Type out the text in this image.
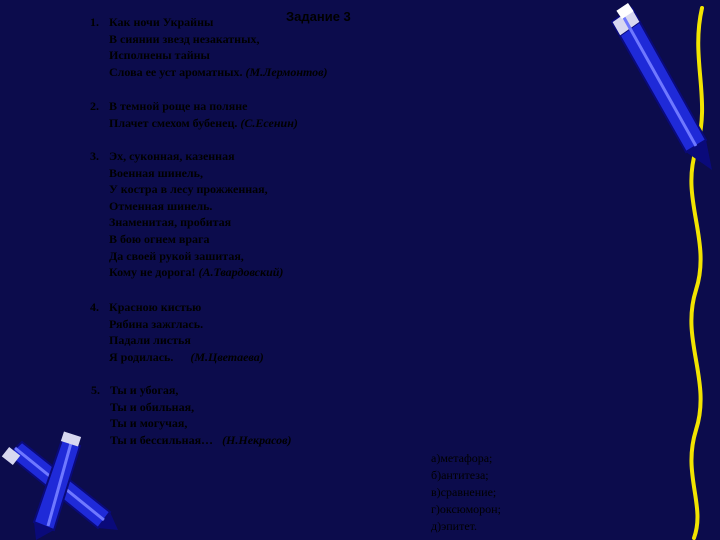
Задание 3
1. Как ночи Украйны
В сиянии звезд незакатных,
Исполнены тайны
Слова ее уст ароматных. (М.Лермонтов)
2. В темной роще на поляне
Плачет смехом бубенец. (С.Есенин)
3. Эх, суконная, казенная
Военная шинель,
У костра в лесу прожженная,
Отменная шинель.
Знаменитая, пробитая
В бою огнем врага
Да своей рукой зашитая,
Кому не дорога! (А.Твардовский)
4. Красною кистью
Рябина зажглась.
Падали листья
Я родилась. (М.Цветаева)
5. Ты и убогая,
Ты и обильная,
Ты и могучая,
Ты и бессильная… (Н.Некрасов)
а)метафора;
б)антитеза;
в)сравнение;
г)оксюморон;
д)эпитет.
